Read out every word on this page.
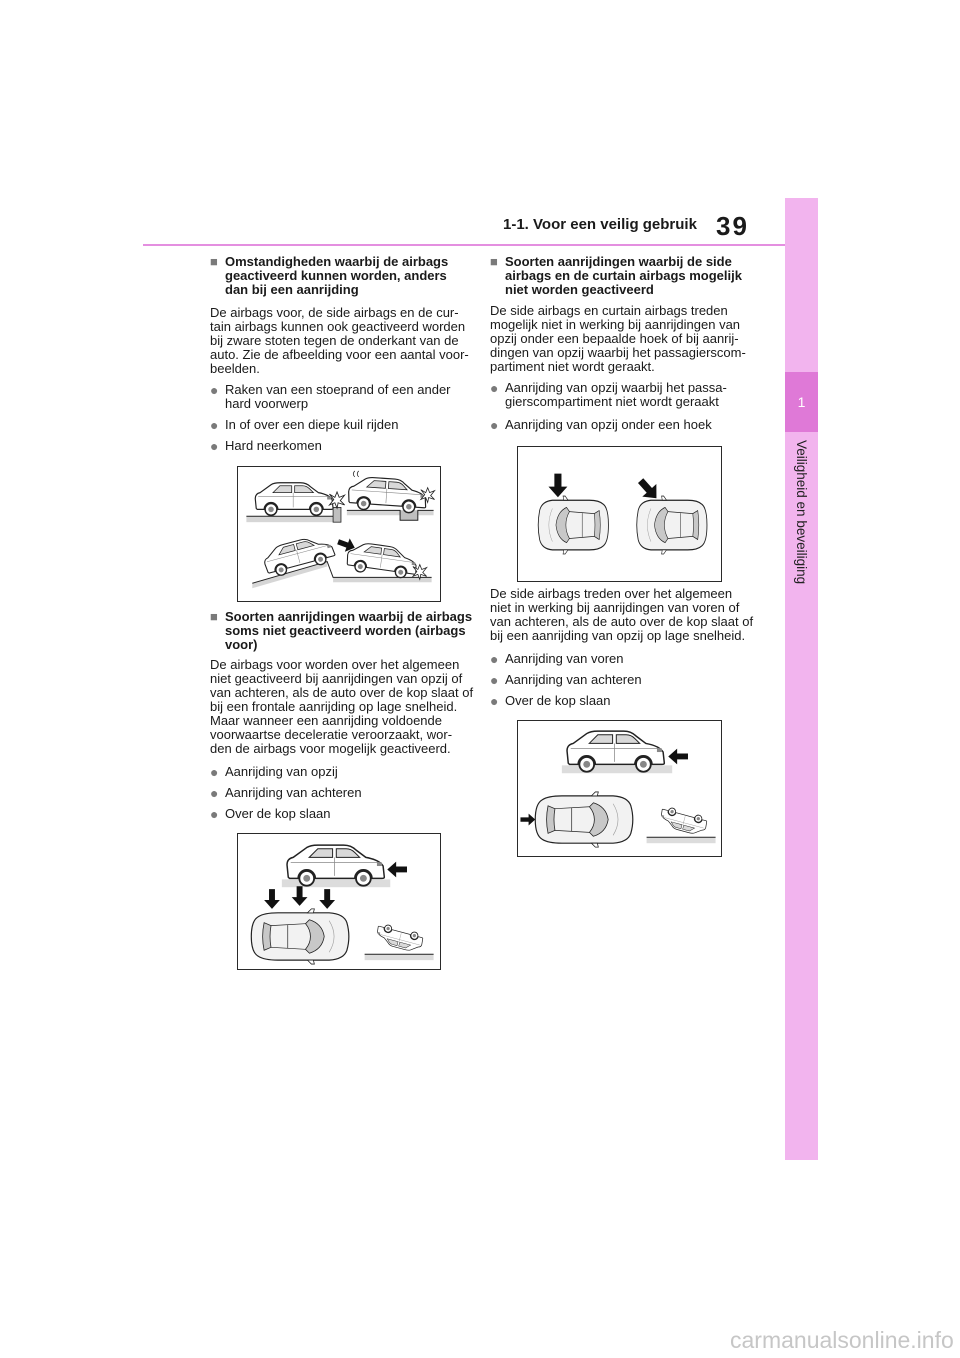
1-1. Voor een veilig gebruik 39
1
Veiligheid en beveiliging
■ Omstandigheden waarbij de airbags
geactiveerd kunnen worden, anders
dan bij een aanrijding
De airbags voor, de side airbags en de cur-
tain airbags kunnen ook geactiveerd worden
bij zware stoten tegen de onderkant van de
auto. Zie de afbeelding voor een aantal voor-
beelden.
● Raken van een stoeprand of een ander
hard voorwerp
● In of over een diepe kuil rijden
● Hard neerkomen
■ Soorten aanrijdingen waarbij de airbags
soms niet geactiveerd worden (airbags
voor)
De airbags voor worden over het algemeen
niet geactiveerd bij aanrijdingen van opzij of
van achteren, als de auto over de kop slaat of
bij een frontale aanrijding op lage snelheid.
Maar wanneer een aanrijding voldoende
voorwaartse deceleratie veroorzaakt, wor-
den de airbags voor mogelijk geactiveerd.
● Aanrijding van opzij
● Aanrijding van achteren
● Over de kop slaan
■ Soorten aanrijdingen waarbij de side
airbags en de curtain airbags mogelijk
niet worden geactiveerd
De side airbags en curtain airbags treden
mogelijk niet in werking bij aanrijdingen van
opzij onder een bepaalde hoek of bij aanrij-
dingen van opzij waarbij het passagierscom-
partiment niet wordt geraakt.
● Aanrijding van opzij waarbij het passa-
gierscompartiment niet wordt geraakt
● Aanrijding van opzij onder een hoek
De side airbags treden over het algemeen
niet in werking bij aanrijdingen van voren of
van achteren, als de auto over de kop slaat of
bij een aanrijding van opzij op lage snelheid.
● Aanrijding van voren
● Aanrijding van achteren
● Over de kop slaan
carmanualsonline.info
